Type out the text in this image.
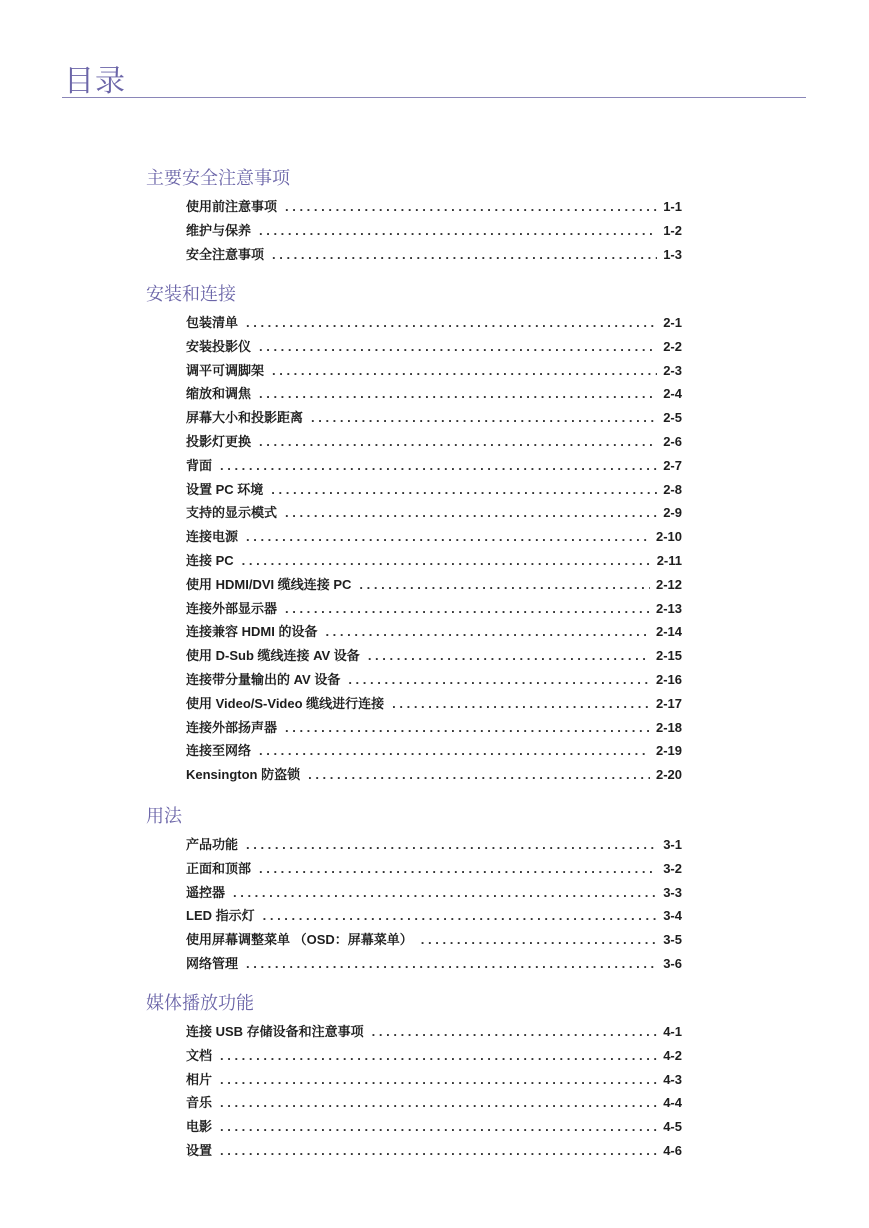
目录
主要安全注意事项
使用前注意事项 . . .	1-1
维护与保养 . . .	1-2
安全注意事项 . . .	1-3
安装和连接
包装清单 . . .	2-1
安装投影仪 . . .	2-2
调平可调脚架 . . .	2-3
缩放和调焦 . . .	2-4
屏幕大小和投影距离 . . .	2-5
投影灯更换 . . .	2-6
背面 . . .	2-7
设置 PC 环境 . . .	2-8
支持的显示模式 . . .	2-9
连接电源 . . .	2-10
连接 PC . . .	2-11
使用 HDMI/DVI 缆线连接 PC . . .	2-12
连接外部显示器 . . .	2-13
连接兼容 HDMI 的设备 . . .	2-14
使用 D-Sub 缆线连接 AV 设备 . . .	2-15
连接带分量输出的 AV 设备 . . .	2-16
使用 Video/S-Video 缆线进行连接 . . .	2-17
连接外部扬声器 . . .	2-18
连接至网络 . . .	2-19
Kensington 防盗锁 . . .	2-20
用法
产品功能 . . .	3-1
正面和顶部 . . .	3-2
遥控器 . . .	3-3
LED 指示灯 . . .	3-4
使用屏幕调整菜单 （OSD：屏幕菜单） . . .	3-5
网络管理 . . .	3-6
媒体播放功能
连接 USB 存储设备和注意事项 . . .	4-1
文档 . . .	4-2
相片 . . .	4-3
音乐 . . .	4-4
电影 . . .	4-5
设置 . . .	4-6
